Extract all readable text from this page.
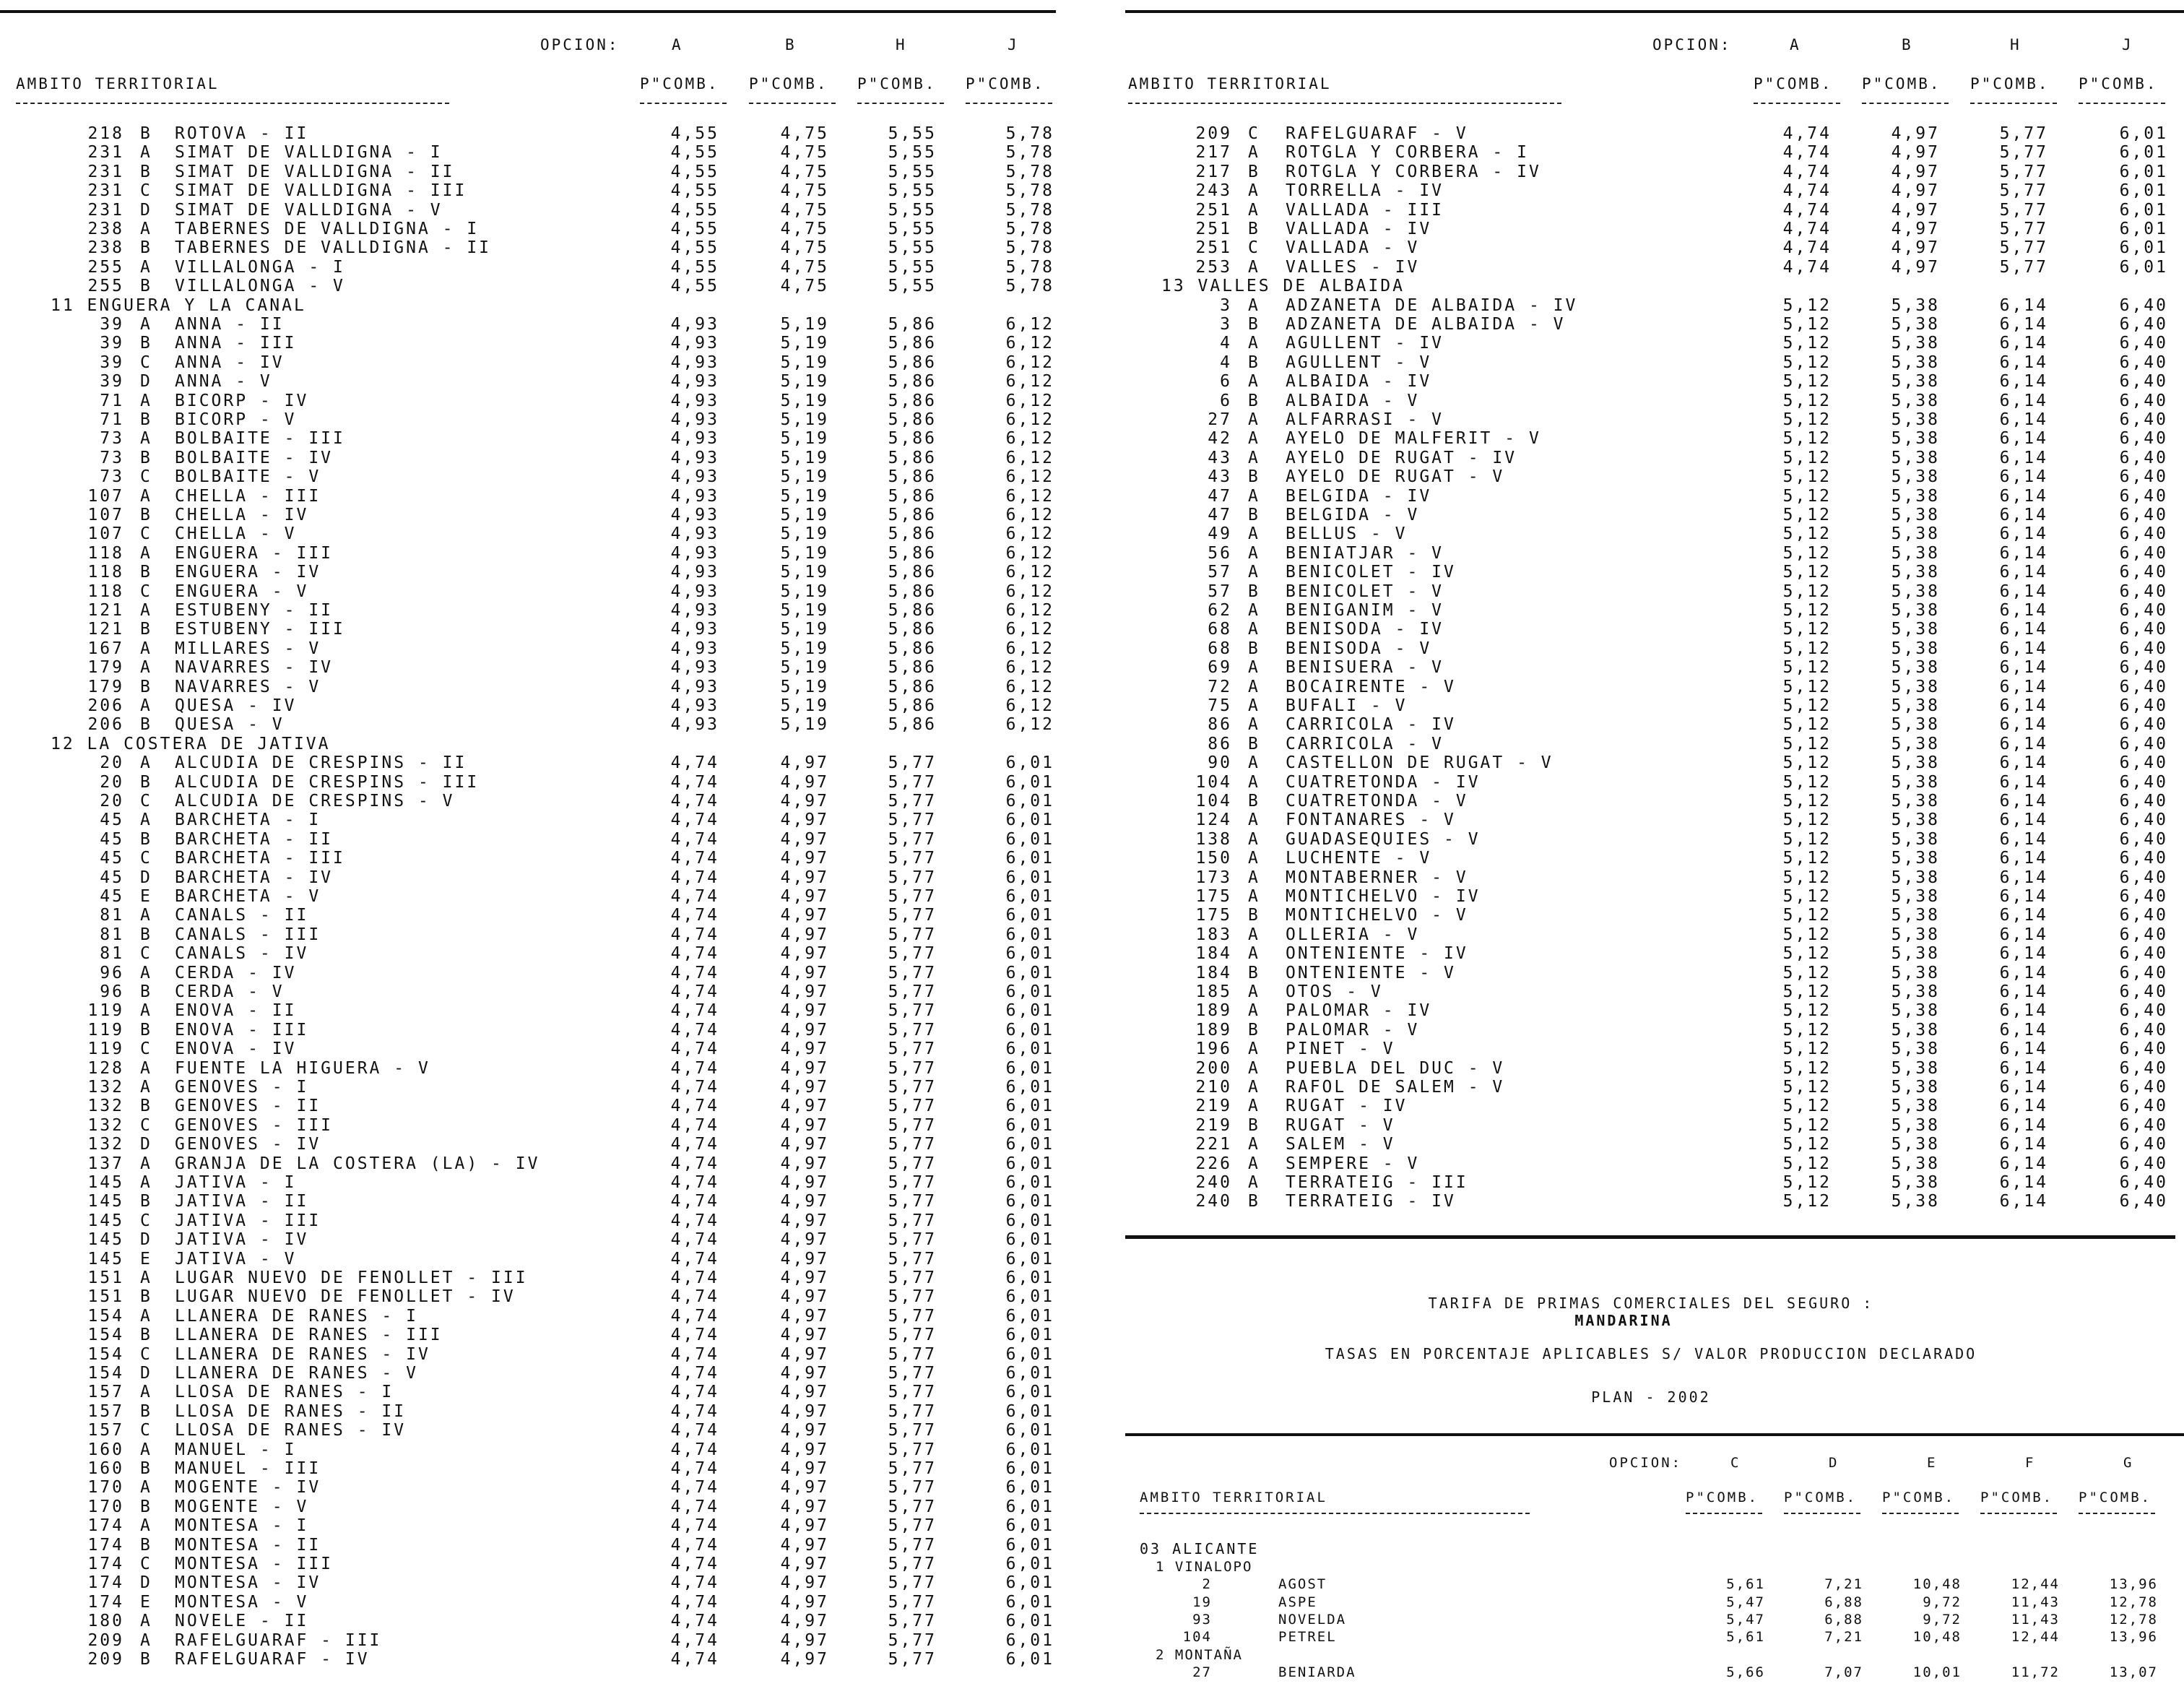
OPCION:	A	B	H	J
AMBITO TERRITORIAL	P"COMB. P"COMB. P"COMB. P"COMB.
218 B ROTOVA - II	4,55	4,75	5,55	5,78
231 A SIMAT DE VALLDIGNA - I	4,55	4,75	5,55	5,78
231 B SIMAT DE VALLDIGNA - II	4,55	4,75	5,55	5,78
231 C SIMAT DE VALLDIGNA - III	4,55	4,75	5,55	5,78
231 D SIMAT DE VALLDIGNA - V	4,55	4,75	5,55	5,78
238 A TABERNES DE VALLDIGNA - I	4,55	4,75	5,55	5,78
238 B TABERNES DE VALLDIGNA - II	4,55	4,75	5,55	5,78
255 A VILLALONGA - I	4,55	4,75	5,55	5,78
255 B VILLALONGA - V	4,55	4,75	5,55	5,78
11 ENGUERA Y LA CANAL
39 A ANNA - II	4,93	5,19	5,86	6,12
39 B ANNA - III	4,93	5,19	5,86	6,12
39 C ANNA - IV	4,93	5,19	5,86	6,12
39 D ANNA - V	4,93	5,19	5,86	6,12
71 A BICORP - IV	4,93	5,19	5,86	6,12
71 B BICORP - V	4,93	5,19	5,86	6,12
73 A BOLBAITE - III	4,93	5,19	5,86	6,12
73 B BOLBAITE - IV	4,93	5,19	5,86	6,12
73 C BOLBAITE - V	4,93	5,19	5,86	6,12
107 A CHELLA - III	4,93	5,19	5,86	6,12
107 B CHELLA - IV	4,93	5,19	5,86	6,12
107 C CHELLA - V	4,93	5,19	5,86	6,12
118 A ENGUERA - III	4,93	5,19	5,86	6,12
118 B ENGUERA - IV	4,93	5,19	5,86	6,12
118 C ENGUERA - V	4,93	5,19	5,86	6,12
121 A ESTUBENY - II	4,93	5,19	5,86	6,12
121 B ESTUBENY - III	4,93	5,19	5,86	6,12
167 A MILLARES - V	4,93	5,19	5,86	6,12
179 A NAVARRES - IV	4,93	5,19	5,86	6,12
179 B NAVARRES - V	4,93	5,19	5,86	6,12
206 A QUESA - IV	4,93	5,19	5,86	6,12
206 B QUESA - V	4,93	5,19	5,86	6,12
12 LA COSTERA DE JATIVA
20 A ALCUDIA DE CRESPINS - II	4,74	4,97	5,77	6,01
20 B ALCUDIA DE CRESPINS - III	4,74	4,97	5,77	6,01
20 C ALCUDIA DE CRESPINS - V	4,74	4,97	5,77	6,01
45 A BARCHETA - I	4,74	4,97	5,77	6,01
45 B BARCHETA - II	4,74	4,97	5,77	6,01
45 C BARCHETA - III	4,74	4,97	5,77	6,01
45 D BARCHETA - IV	4,74	4,97	5,77	6,01
45 E BARCHETA - V	4,74	4,97	5,77	6,01
81 A CANALS - II	4,74	4,97	5,77	6,01
81 B CANALS - III	4,74	4,97	5,77	6,01
81 C CANALS - IV	4,74	4,97	5,77	6,01
96 A CERDA - IV	4,74	4,97	5,77	6,01
96 B CERDA - V	4,74	4,97	5,77	6,01
119 A ENOVA - II	4,74	4,97	5,77	6,01
119 B ENOVA - III	4,74	4,97	5,77	6,01
119 C ENOVA - IV	4,74	4,97	5,77	6,01
128 A FUENTE LA HIGUERA - V	4,74	4,97	5,77	6,01
132 A GENOVES - I	4,74	4,97	5,77	6,01
132 B GENOVES - II	4,74	4,97	5,77	6,01
132 C GENOVES - III	4,74	4,97	5,77	6,01
132 D GENOVES - IV	4,74	4,97	5,77	6,01
137 A GRANJA DE LA COSTERA (LA) - IV	4,74	4,97	5,77	6,01
145 A JATIVA - I	4,74	4,97	5,77	6,01
145 B JATIVA - II	4,74	4,97	5,77	6,01
145 C JATIVA - III	4,74	4,97	5,77	6,01
145 D JATIVA - IV	4,74	4,97	5,77	6,01
145 E JATIVA - V	4,74	4,97	5,77	6,01
151 A LUGAR NUEVO DE FENOLLET - III	4,74	4,97	5,77	6,01
151 B LUGAR NUEVO DE FENOLLET - IV	4,74	4,97	5,77	6,01
154 A LLANERA DE RANES - I	4,74	4,97	5,77	6,01
154 B LLANERA DE RANES - III	4,74	4,97	5,77	6,01
154 C LLANERA DE RANES - IV	4,74	4,97	5,77	6,01
154 D LLANERA DE RANES - V	4,74	4,97	5,77	6,01
157 A LLOSA DE RANES - I	4,74	4,97	5,77	6,01
157 B LLOSA DE RANES - II	4,74	4,97	5,77	6,01
157 C LLOSA DE RANES - IV	4,74	4,97	5,77	6,01
160 A MANUEL - I	4,74	4,97	5,77	6,01
160 B MANUEL - III	4,74	4,97	5,77	6,01
170 A MOGENTE - IV	4,74	4,97	5,77	6,01
170 B MOGENTE - V	4,74	4,97	5,77	6,01
174 A MONTESA - I	4,74	4,97	5,77	6,01
174 B MONTESA - II	4,74	4,97	5,77	6,01
174 C MONTESA - III	4,74	4,97	5,77	6,01
174 D MONTESA - IV	4,74	4,97	5,77	6,01
174 E MONTESA - V	4,74	4,97	5,77	6,01
180 A NOVELE - II	4,74	4,97	5,77	6,01
209 A RAFELGUARAF - III	4,74	4,97	5,77	6,01
209 B RAFELGUARAF - IV	4,74	4,97	5,77	6,01
OPCION:	A	B	H	J
AMBITO TERRITORIAL	P"COMB. P"COMB. P"COMB. P"COMB.
209 C RAFELGUARAF - V	4,74	4,97	5,77	6,01
217 A ROTGLA Y CORBERA - I	4,74	4,97	5,77	6,01
217 B ROTGLA Y CORBERA - IV	4,74	4,97	5,77	6,01
243 A TORRELLA - IV	4,74	4,97	5,77	6,01
251 A VALLADA - III	4,74	4,97	5,77	6,01
251 B VALLADA - IV	4,74	4,97	5,77	6,01
251 C VALLADA - V	4,74	4,97	5,77	6,01
253 A VALLES - IV	4,74	4,97	5,77	6,01
13 VALLES DE ALBAIDA
3 A ADZANETA DE ALBAIDA - IV	5,12	5,38	6,14	6,40
3 B ADZANETA DE ALBAIDA - V	5,12	5,38	6,14	6,40
4 A AGULLENT - IV	5,12	5,38	6,14	6,40
4 B AGULLENT - V	5,12	5,38	6,14	6,40
6 A ALBAIDA - IV	5,12	5,38	6,14	6,40
6 B ALBAIDA - V	5,12	5,38	6,14	6,40
27 A ALFARRASI - V	5,12	5,38	6,14	6,40
42 A AYELO DE MALFERIT - V	5,12	5,38	6,14	6,40
43 A AYELO DE RUGAT - IV	5,12	5,38	6,14	6,40
43 B AYELO DE RUGAT - V	5,12	5,38	6,14	6,40
47 A BELGIDA - IV	5,12	5,38	6,14	6,40
47 B BELGIDA - V	5,12	5,38	6,14	6,40
49 A BELLUS - V	5,12	5,38	6,14	6,40
56 A BENIATJAR - V	5,12	5,38	6,14	6,40
57 A BENICOLET - IV	5,12	5,38	6,14	6,40
57 B BENICOLET - V	5,12	5,38	6,14	6,40
62 A BENIGANIM - V	5,12	5,38	6,14	6,40
68 A BENISODA - IV	5,12	5,38	6,14	6,40
68 B BENISODA - V	5,12	5,38	6,14	6,40
69 A BENISUERA - V	5,12	5,38	6,14	6,40
72 A BOCAIRENTE - V	5,12	5,38	6,14	6,40
75 A BUFALI - V	5,12	5,38	6,14	6,40
86 A CARRICOLA - IV	5,12	5,38	6,14	6,40
86 B CARRICOLA - V	5,12	5,38	6,14	6,40
90 A CASTELLON DE RUGAT - V	5,12	5,38	6,14	6,40
104 A CUATRETONDA - IV	5,12	5,38	6,14	6,40
104 B CUATRETONDA - V	5,12	5,38	6,14	6,40
124 A FONTANARES - V	5,12	5,38	6,14	6,40
138 A GUADASEQUIES - V	5,12	5,38	6,14	6,40
150 A LUCHENTE - V	5,12	5,38	6,14	6,40
173 A MONTABERNER - V	5,12	5,38	6,14	6,40
175 A MONTICHELVO - IV	5,12	5,38	6,14	6,40
175 B MONTICHELVO - V	5,12	5,38	6,14	6,40
183 A OLLERIA - V	5,12	5,38	6,14	6,40
184 A ONTENIENTE - IV	5,12	5,38	6,14	6,40
184 B ONTENIENTE - V	5,12	5,38	6,14	6,40
185 A OTOS - V	5,12	5,38	6,14	6,40
189 A PALOMAR - IV	5,12	5,38	6,14	6,40
189 B PALOMAR - V	5,12	5,38	6,14	6,40
196 A PINET - V	5,12	5,38	6,14	6,40
200 A PUEBLA DEL DUC - V	5,12	5,38	6,14	6,40
210 A RAFOL DE SALEM - V	5,12	5,38	6,14	6,40
219 A RUGAT - IV	5,12	5,38	6,14	6,40
219 B RUGAT - V	5,12	5,38	6,14	6,40
221 A SALEM - V	5,12	5,38	6,14	6,40
226 A SEMPERE - V	5,12	5,38	6,14	6,40
240 A TERRATEIG - III	5,12	5,38	6,14	6,40
240 B TERRATEIG - IV	5,12	5,38	6,14	6,40
TARIFA DE PRIMAS COMERCIALES DEL SEGURO :
MANDARINA
TASAS EN PORCENTAJE APLICABLES S/ VALOR PRODUCCION DECLARADO
PLAN - 2002
OPCION:	C	D	E	F	G
AMBITO TERRITORIAL	P"COMB. P"COMB. P"COMB. P"COMB. P"COMB.
03 ALICANTE
1 VINALOPO
2	AGOST	5,61	7,21	10,48	12,44	13,96
19	ASPE	5,47	6,88	9,72	11,43	12,78
93	NOVELDA	5,47	6,88	9,72	11,43	12,78
104	PETREL	5,61	7,21	10,48	12,44	13,96
2 MONTAÑA
27	BENIARDA	5,66	7,07	10,01	11,72	13,07
